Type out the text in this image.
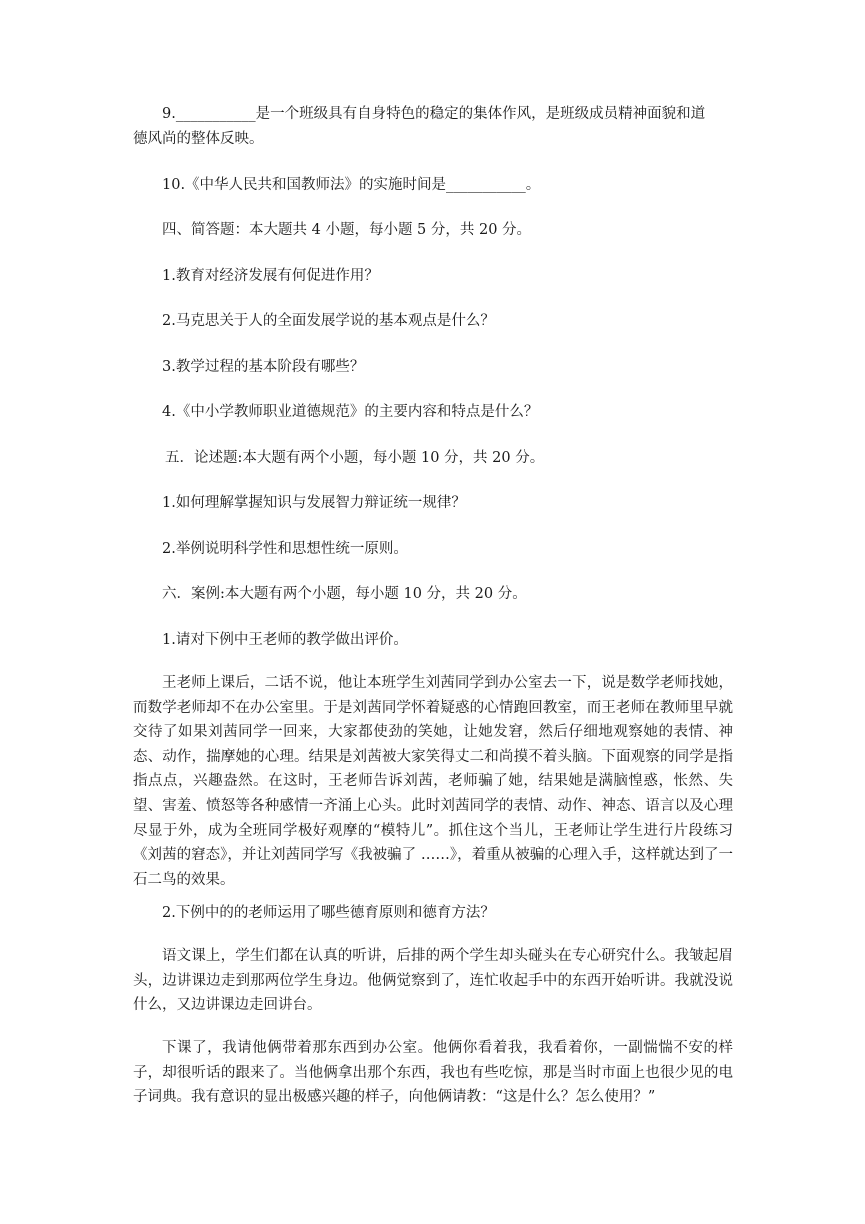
9.___________是一个班级具有自身特色的稳定的集体作风，是班级成员精神面貌和道
德风尚的整体反映。
10.《中华人民共和国教师法》的实施时间是___________。
四、简答题：本大题共 4 小题，每小题 5 分，共 20 分。
1.教育对经济发展有何促进作用？
2.马克思关于人的全面发展学说的基本观点是什么？
3.教学过程的基本阶段有哪些？
4.《中小学教师职业道德规范》的主要内容和特点是什么？
五．论述题:本大题有两个小题，每小题 10 分，共 20 分。
1.如何理解掌握知识与发展智力辩证统一规律？
2.举例说明科学性和思想性统一原则。
六．案例:本大题有两个小题，每小题 10 分，共 20 分。
1.请对下例中王老师的教学做出评价。
王老师上课后，二话不说，他让本班学生刘茜同学到办公室去一下，说是数学老师找她，而数学老师却不在办公室里。于是刘茜同学怀着疑惑的心情跑回教室，而王老师在教师里早就交待了如果刘茜同学一回来，大家都使劲的笑她，让她发窘，然后仔细地观察她的表情、神态、动作，揣摩她的心理。结果是刘茜被大家笑得丈二和尚摸不着头脑。下面观察的同学是指指点点，兴趣盎然。在这时，王老师告诉刘茜，老师骗了她，结果她是满脑惶惑，怅然、失望、害羞、愤怒等各种感情一齐涌上心头。此时刘茜同学的表情、动作、神态、语言以及心理尽显于外，成为全班同学极好观摩的“模特儿”。抓住这个当儿，王老师让学生进行片段练习《刘茜的窘态》，并让刘茜同学写《我被骗了 ……》，着重从被骗的心理入手，这样就达到了一石二鸟的效果。
2.下例中的的老师运用了哪些德育原则和德育方法？
语文课上，学生们都在认真的听讲，后排的两个学生却头碰头在专心研究什么。我皱起眉头，边讲课边走到那两位学生身边。他俩觉察到了，连忙收起手中的东西开始听讲。我就没说什么，又边讲课边走回讲台。
下课了，我请他俩带着那东西到办公室。他俩你看着我，我看着你，一副惴惴不安的样子，却很听话的跟来了。当他俩拿出那个东西，我也有些吃惊，那是当时市面上也很少见的电子词典。我有意识的显出极感兴趣的样子，向他俩请教：“这是什么？怎么使用？”
